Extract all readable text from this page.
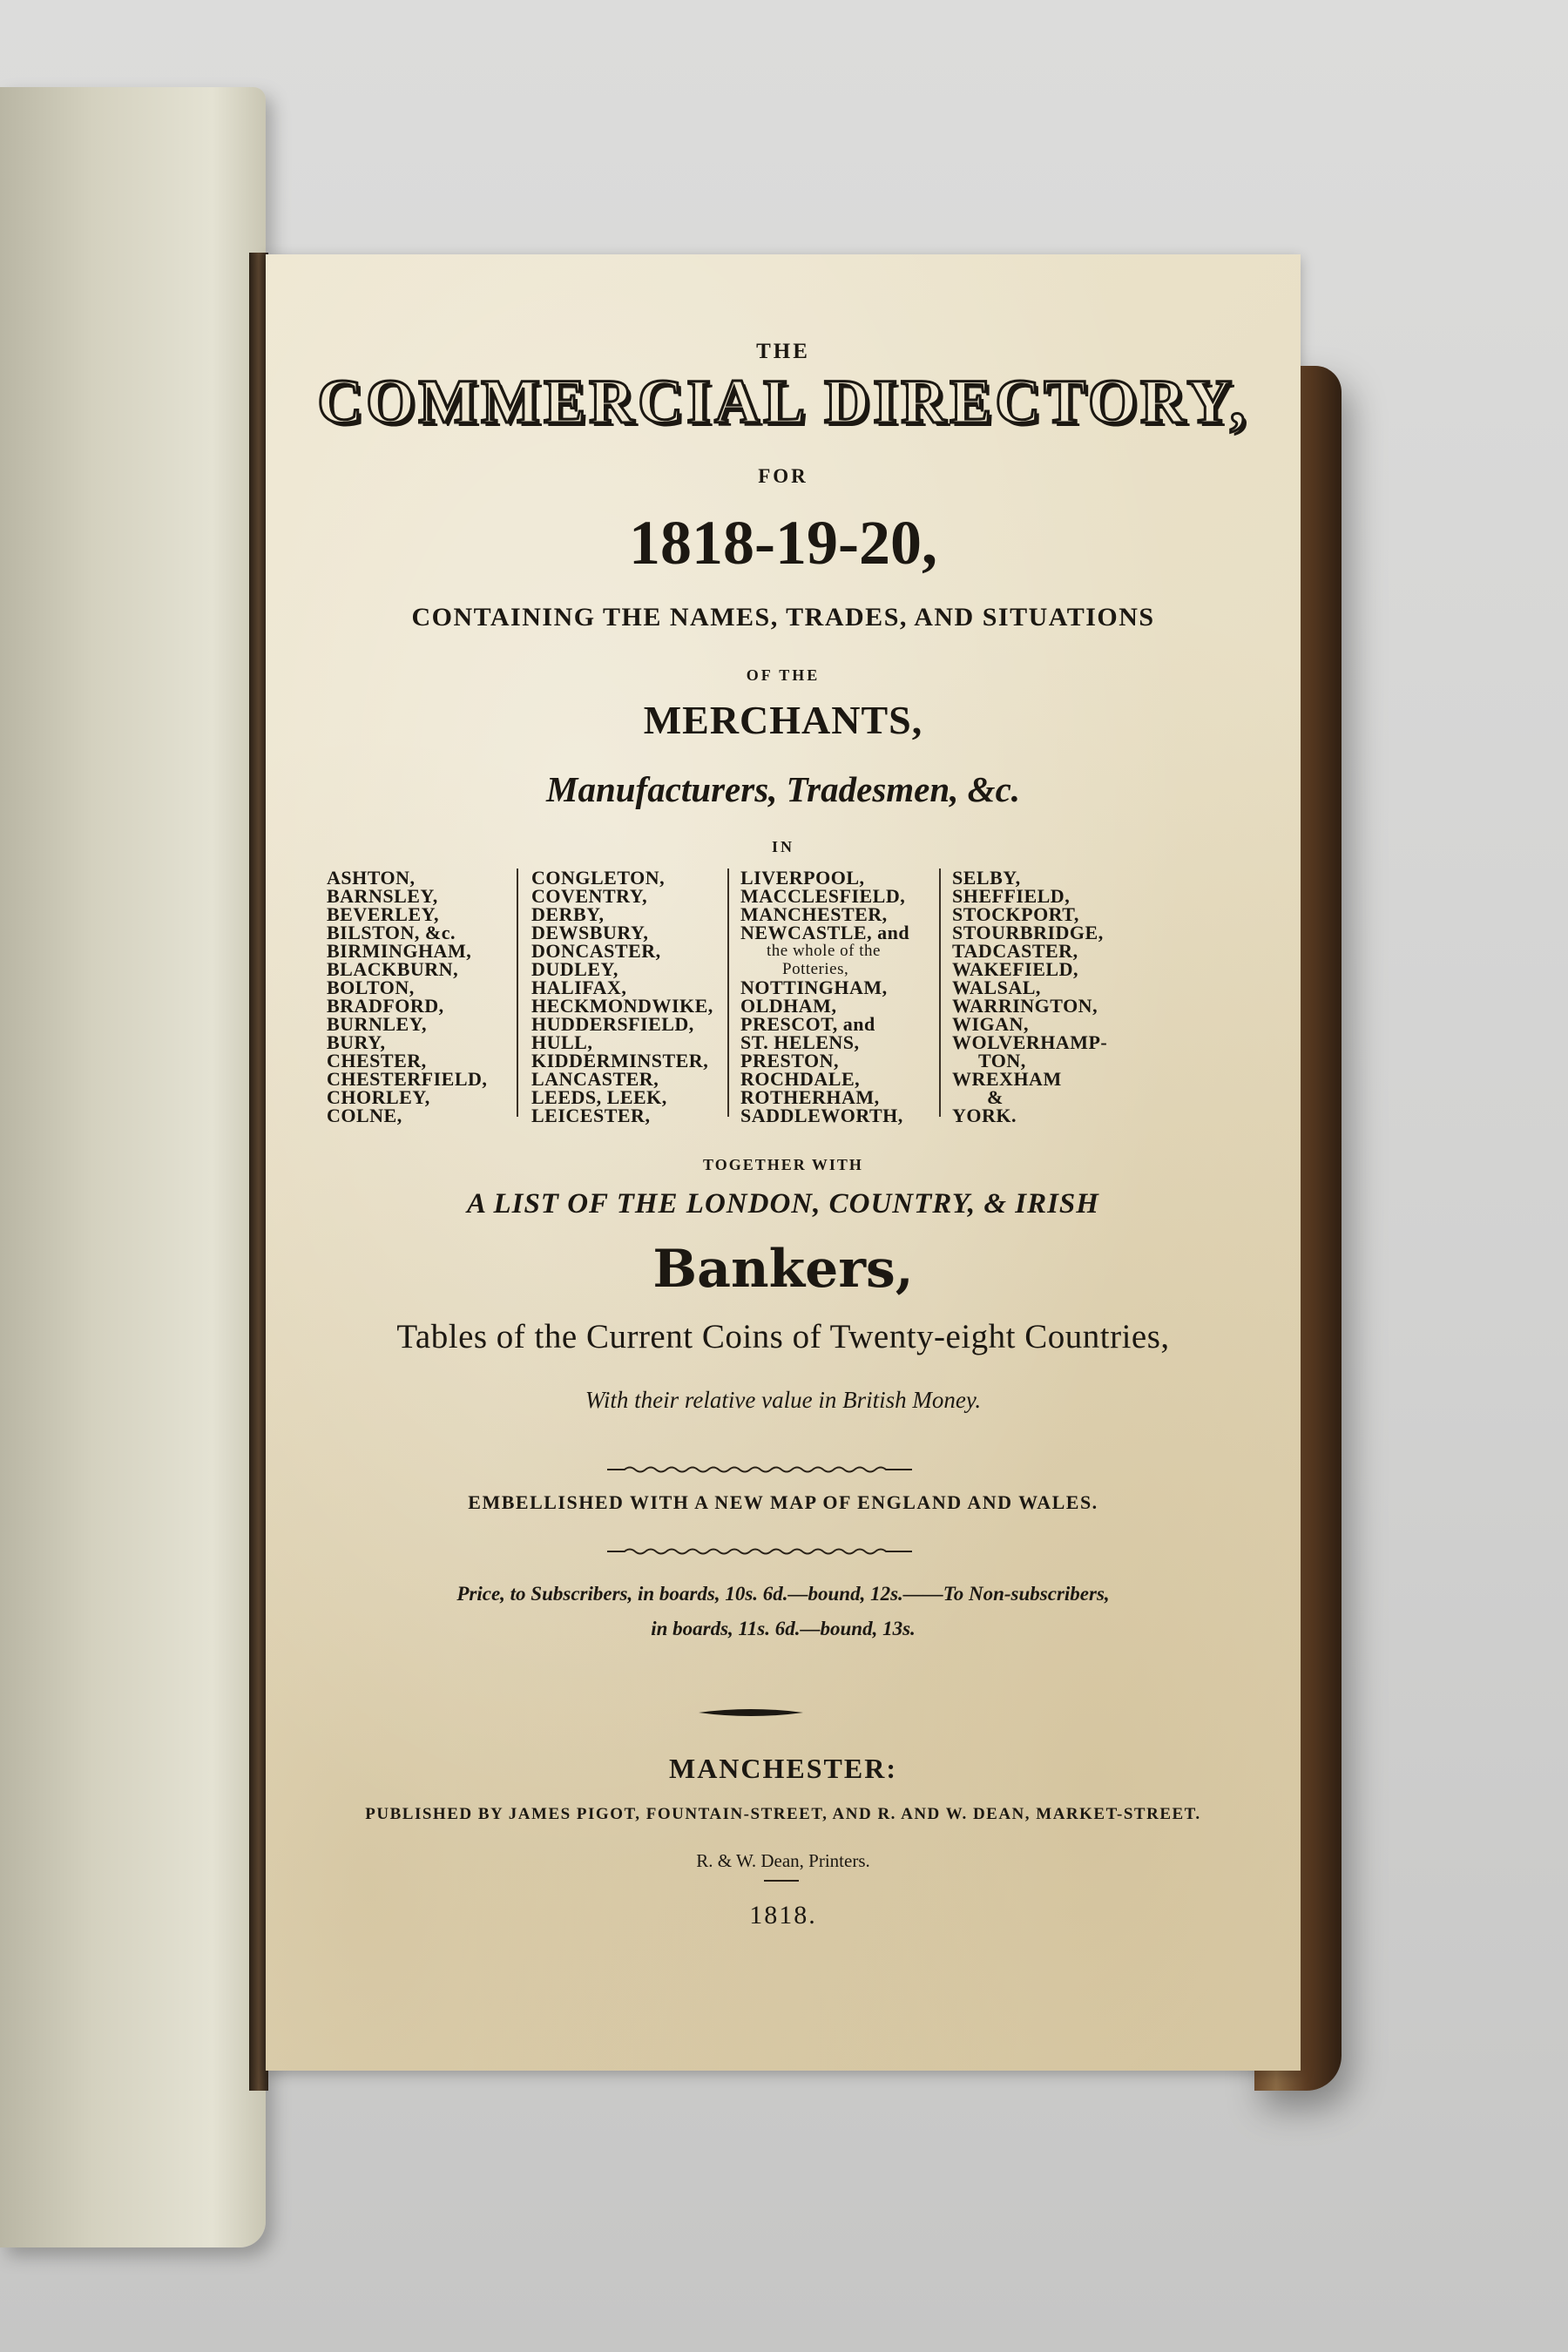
THE
COMMERCIAL DIRECTORY,
FOR
1818-19-20,
CONTAINING THE NAMES, TRADES, AND SITUATIONS
OF THE
MERCHANTS,
Manufacturers, Tradesmen, &c.
IN
ASHTON,
BARNSLEY,
BEVERLEY,
BILSTON, &c.
BIRMINGHAM,
BLACKBURN,
BOLTON,
BRADFORD,
BURNLEY,
BURY,
CHESTER,
CHESTERFIELD,
CHORLEY,
COLNE,
CONGLETON,
COVENTRY,
DERBY,
DEWSBURY,
DONCASTER,
DUDLEY,
HALIFAX,
HECKMONDWIKE,
HUDDERSFIELD,
HULL,
KIDDERMINSTER,
LANCASTER,
LEEDS, LEEK,
LEICESTER,
LIVERPOOL,
MACCLESFIELD,
MANCHESTER,
NEWCASTLE, and
the whole of the
Potteries,
NOTTINGHAM,
OLDHAM,
PRESCOT, and
ST. HELENS,
PRESTON,
ROCHDALE,
ROTHERHAM,
SADDLEWORTH,
SELBY,
SHEFFIELD,
STOCKPORT,
STOURBRIDGE,
TADCASTER,
WAKEFIELD,
WALSAL,
WARRINGTON,
WIGAN,
WOLVERHAMP-
TON,
WREXHAM
&
YORK.
TOGETHER WITH
A LIST OF THE LONDON, COUNTRY, & IRISH
Bankers,
Tables of the Current Coins of Twenty-eight Countries,
With their relative value in British Money.
EMBELLISHED WITH A NEW MAP OF ENGLAND AND WALES.
Price, to Subscribers, in boards, 10s. 6d.—bound, 12s.——To Non-subscribers,
in boards, 11s. 6d.—bound, 13s.
MANCHESTER:
PUBLISHED BY JAMES PIGOT, FOUNTAIN-STREET, AND R. AND W. DEAN, MARKET-STREET.
R. & W. Dean, Printers.
1818.
